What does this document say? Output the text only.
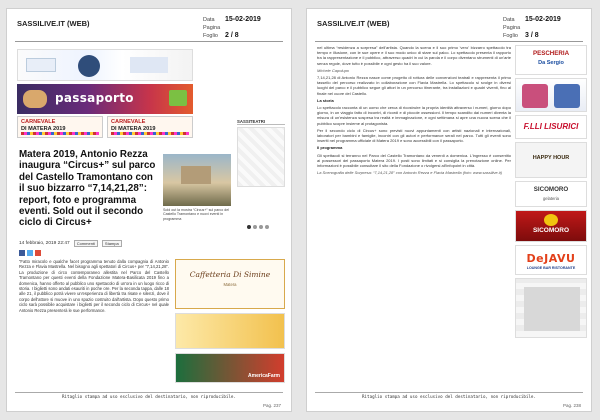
SASSILIVE.IT (WEB)	Data	15-02-2019
Pagina
Foglio	2 / 8
passaporto
CARNEVALE
DI MATERA 2019
CARNEVALE
DI MATERA 2019
SASSITEATRI
Matera 2019, Antonio Rezza inaugura “Circus+” sul parco del Castello Tramontano con il suo bizzarro “7,14,21,28”: report, foto e programma eventi. Sold out il secondo ciclo di Circus+
Sold out la mostra “Circus+” sul parco del Castello Tramontano e nuovi eventi in programma
14 febbraio, 2019 22:47	Commenti	Stampa
“Fatto miracolo e qualche facet programma tenuto dalla compagnia di Antonio Rezza e Flavia Mastrella. Nel bisogno agli spettatori di Circus+ per “7,14,21,28”. La produzione di circo contemporaneo allestita nel Parco del Castello Tramontano per questi eventi della Fondazione Matera-Basilicata 2019 fino a domenica, hanno offerto al pubblico uno spettacolo di un'ora in un luogo ricco di storia. I biglietti sono andati esauriti in poche ore. Per la seconda tappa, dalle 18 alle 21, il pubblico potrà vivere un'esperienza di libertà tra risate e silenzi, dove il corpo dell'attore si muove in uno spazio costruito dall'artista. Dopo questo primo ciclo sarà possibile acquistare i biglietti per il secondo ciclo di Circus+ nel quale Antonio Rezza presenterà le sue performance.
Caffetteria Di Simine
Matera
AmericaFarm
Ritaglio stampa ad uso esclusivo del destinatario, non riproducibile.
Pag. 237
SASSILIVE.IT (WEB)	Data	15-02-2019
Pagina
Foglio	3 / 8

nel ultima “residenza a sorpresa” dell'artista. Quando la scena e il suo primo 'vero' bizzarro spettacolo tra tempo e illusione, con le sue opere e il suo modo unico di stare sul palco. Lo spettacolo presenta il rapporto tra la rappresentazione e il pubblico, attraverso quadri in cui la parola e il corpo diventano strumenti di un'arte senza regole, dove tutto è possibile e ogni gesto ha il suo valore.

Michele Capolupo

7,14,21,28 di Antonio Rezza nasce come progetto di rottura delle convenzioni teatrali e rappresenta il primo tassello del percorso realizzato in collaborazione con Flavia Mastrella. Lo spettacolo si svolge in diversi luoghi del parco e il pubblico segue gli attori in un percorso itinerante, tra installazioni e quadri viventi, fino al finale nel cuore del Castello.

La storia

Lo spettacolo racconta di un uomo che cerca di ricostruire la propria identità attraverso i numeri, giorno dopo giorno, in un viaggio fatto di incontri, di ricordi e di piccole ossessioni. Il tempo scandito dai numeri diventa la misura di un'esistenza sospesa tra realtà e immaginazione, e ogni settimana si apre una nuova scena che il pubblico scopre insieme al protagonista.

Per il secondo ciclo di Circus+ sono previsti nuovi appuntamenti con artisti nazionali e internazionali, laboratori per bambini e famiglie, incontri con gli autori e performance serali nel parco. Tutti gli eventi sono inseriti nel programma ufficiale di Matera 2019 e sono accessibili con il passaporto.

Il programma

Gli spettacoli si terranno nel Parco del Castello Tramontano da venerdì a domenica. L'ingresso è consentito ai possessori del passaporto Matera 2019. I posti sono limitati e si consiglia la prenotazione online. Per informazioni è possibile consultare il sito della Fondazione o rivolgersi all'infopoint in città.

La Scenografia delle Sorpresa: “7,14,21,28” con Antonio Rezza e Flavia Mastrella (foto: www.sassilive.it)

PESCHERIA
Da Sergio
F.LLI LISURICI
HAPPY HOUR
SICOMORO
gelateria
SICOMORO
DeJAVU
LOUNGE BAR RISTORANTE
Ritaglio stampa ad uso esclusivo del destinatario, non riproducibile.
Pag. 238
